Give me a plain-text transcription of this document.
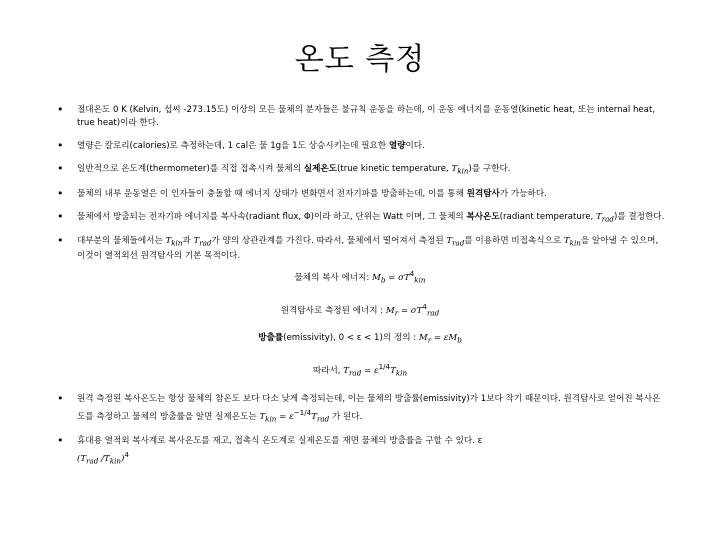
온도 측정
• 절대온도 0 K (Kelvin, 섭씨 -273.15도) 이상의 모든 물체의 분자들은 불규칙 운동을 하는데, 이 운동 에너지를 운동열(kinetic heat, 또는 internal heat, true heat)이라 한다.
• 열량은 칼로리(calories)로 측정하는데, 1 cal은 물 1g을 1도 상승시키는데 필요한 열량이다.
• 일반적으로 온도계(thermometer)를 직접 접촉시켜 물체의 실제온도(true kinetic temperature, $T_{kin}$)를 구한다.
• 물체의 내부 운동열은 이 인자들이 충돌할 때 에너지 상태가 변화면서 전자기파를 방출하는데, 이를 통해 원격탐사가 가능하다.
• 물체에서 방출되는 전자기파 에너지를 복사속(radiant flux, Φ)이라 하고, 단위는 Watt 이며, 그 물체의 복사온도(radiant temperature, $T_{rad}$)를 결정한다.
• 대부분의 물체들에서는 $T_{kin}$과 $T_{rad}$가 양의 상관관계를 가진다. 따라서, 물체에서 떨어져서 측정된 $T_{rad}$를 이용하면 비접촉식으로 $T_{kin}$을 알아낼 수 있으며, 이것이 열적외선 원격탐사의 기본 목적이다.
물체의 복사 에너지: $M_b = \sigma T^4_{kin}$
원격탐사로 측정된 에너지 : $M_r = \sigma T^4_{rad}$
방출률(emissivity), 0 < ε < 1)의 정의 : $M_r = \varepsilon M_b$
따라서, $T_{rad} = \varepsilon^{1/4}T_{kin}$
• 원격 측정된 복사온도는 항상 물체의 참온도 보다 다소 낮게 측정되는데, 이는 물체의 방출률(emissivity)가 1보다 작기 때문이다. 원격탐사로 얻어진 복사온도를 측정하고 물체의 방출률을 알면 실제온도는 $T_{kin} = \varepsilon^{-1/4}T_{rad}$ 가 된다.
• 휴대용 열적외 복사계로 복사온도를 재고, 접촉식 온도계로 실제온도를 재면 물체의 방출률을 구할 수 있다. ε
($T_{rad}$ $/T_{kin})^4$
